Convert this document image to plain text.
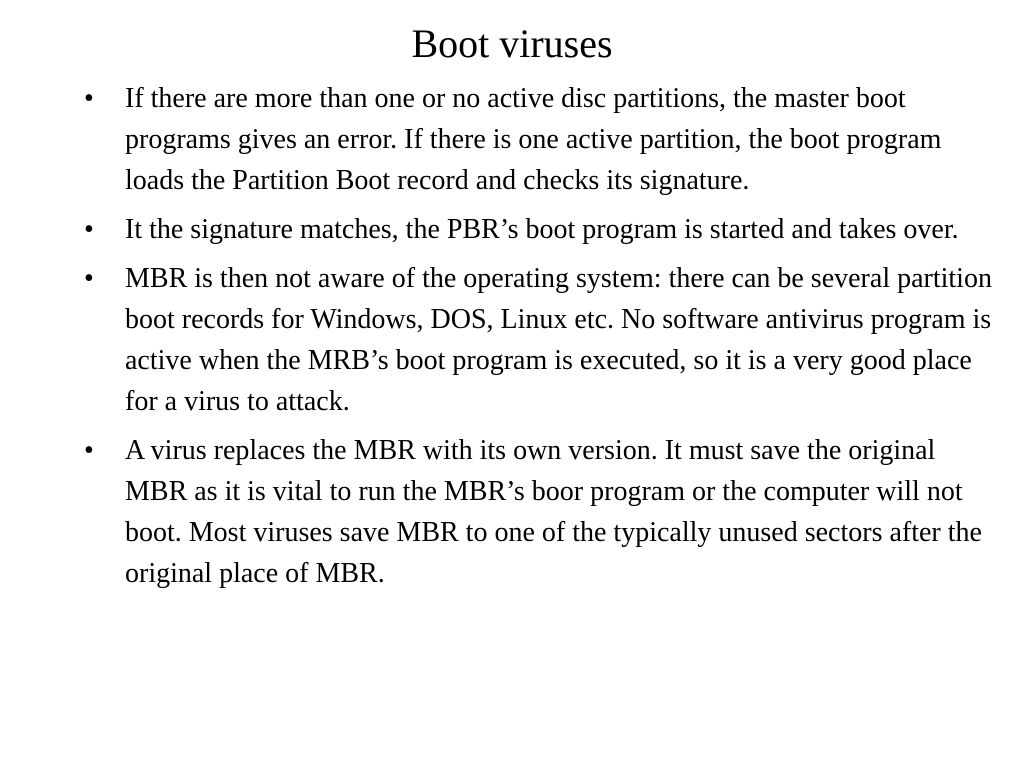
Boot viruses
•	If there are more than one or no active disc partitions, the master boot programs gives an error. If there is one active partition, the boot program loads the Partition Boot record and checks its signature.
•	It the signature matches, the PBR’s boot program is started and takes over.
•	MBR is then not aware of the operating system: there can be several partition boot records for Windows, DOS, Linux etc. No software antivirus program is active when the MRB’s boot program is executed, so it is a very good place for a virus to attack.
•	A virus replaces the MBR with its own version. It must save the original MBR as it is vital to run the MBR’s boor program or the computer will not boot. Most viruses save MBR to one of the typically unused sectors after the original place of MBR.
